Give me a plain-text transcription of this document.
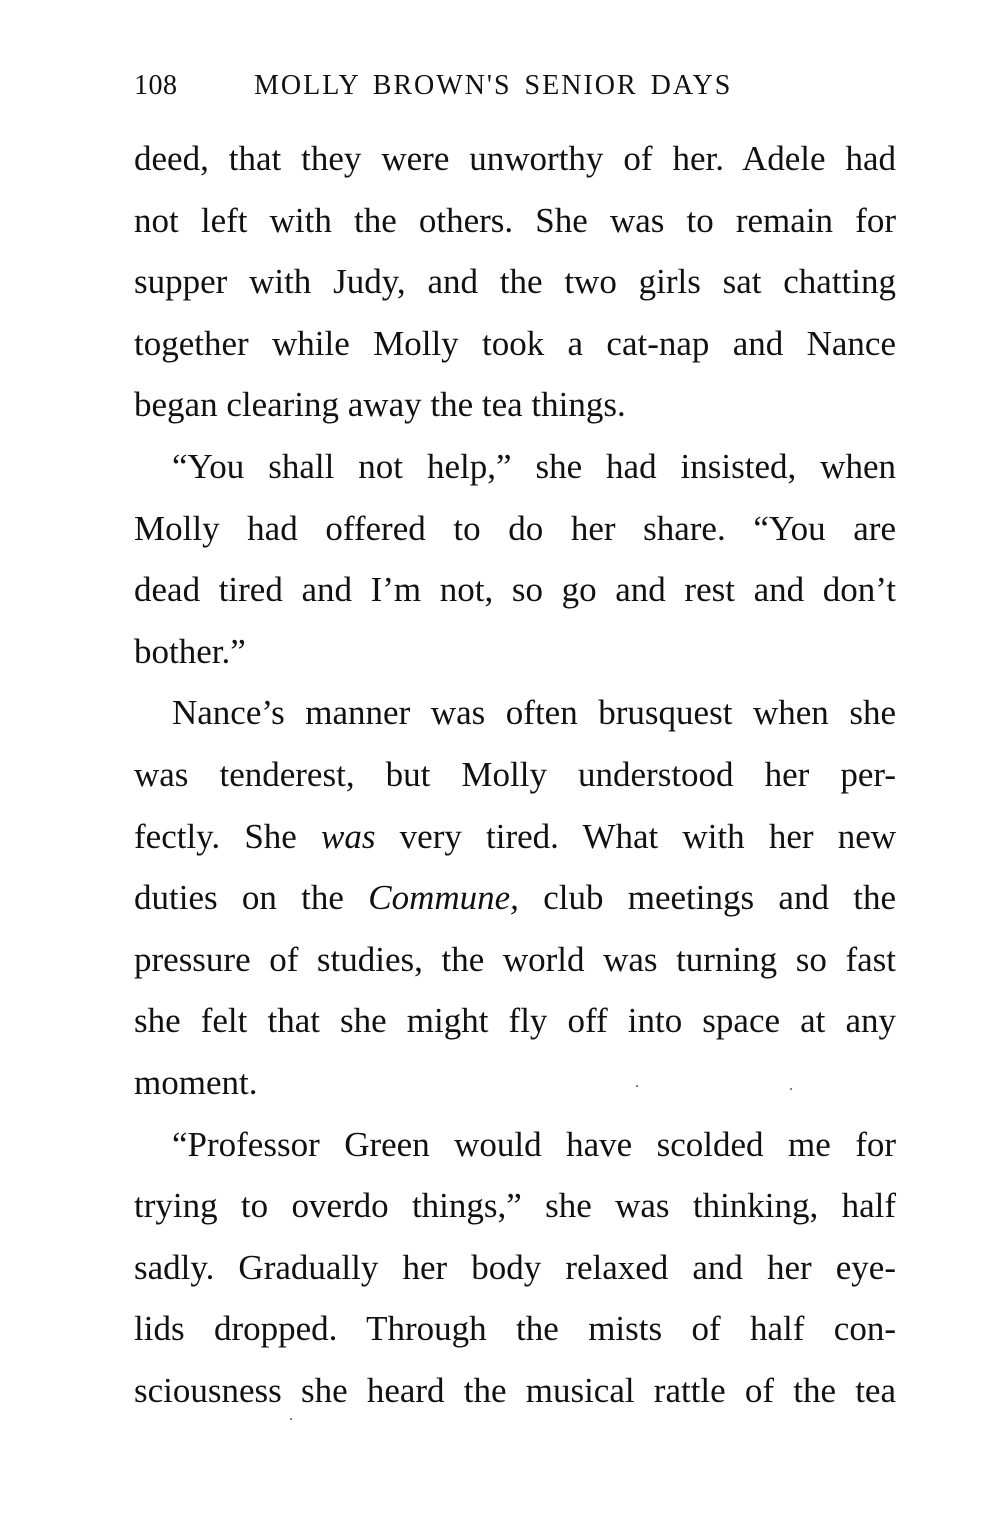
108	MOLLY BROWN'S SENIOR DAYS
deed, that they were unworthy of her. Adele had
not left with the others. She was to remain for
supper with Judy, and the two girls sat chatting
together while Molly took a cat-nap and Nance
began clearing away the tea things.
“You shall not help,” she had insisted, when
Molly had offered to do her share. “You are
dead tired and I’m not, so go and rest and don’t
bother.”
Nance’s manner was often brusquest when she
was tenderest, but Molly understood her per-
fectly. She was very tired. What with her new
duties on the Commune, club meetings and the
pressure of studies, the world was turning so fast
she felt that she might fly off into space at any
moment.
“Professor Green would have scolded me for
trying to overdo things,” she was thinking, half
sadly. Gradually her body relaxed and her eye-
lids dropped. Through the mists of half con-
sciousness she heard the musical rattle of the tea
